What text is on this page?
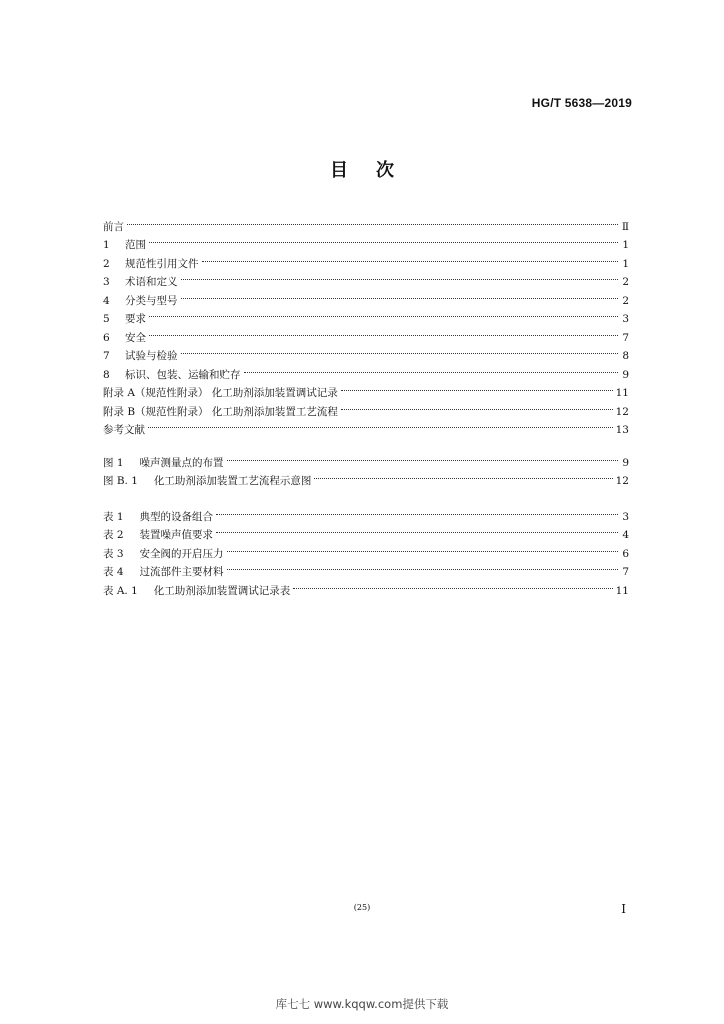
HG/T 5638—2019
目次
前言	Ⅱ
1	范围	1
2	规范性引用文件	1
3	术语和定义	2
4	分类与型号	2
5	要求	3
6	安全	7
7	试验与检验	8
8	标识、包装、运输和贮存	9
附录 A（规范性附录） 化工助剂添加装置调试记录	11
附录 B（规范性附录） 化工助剂添加装置工艺流程	12
参考文献	13
图 1 噪声测量点的布置	9
图 B. 1 化工助剂添加装置工艺流程示意图	12
表 1 典型的设备组合	3
表 2 装置噪声值要求	4
表 3 安全阀的开启压力	6
表 4 过流部件主要材料	7
表 A. 1 化工助剂添加装置调试记录表	11
(25)	I
库七七 www.kqqw.com提供下载
